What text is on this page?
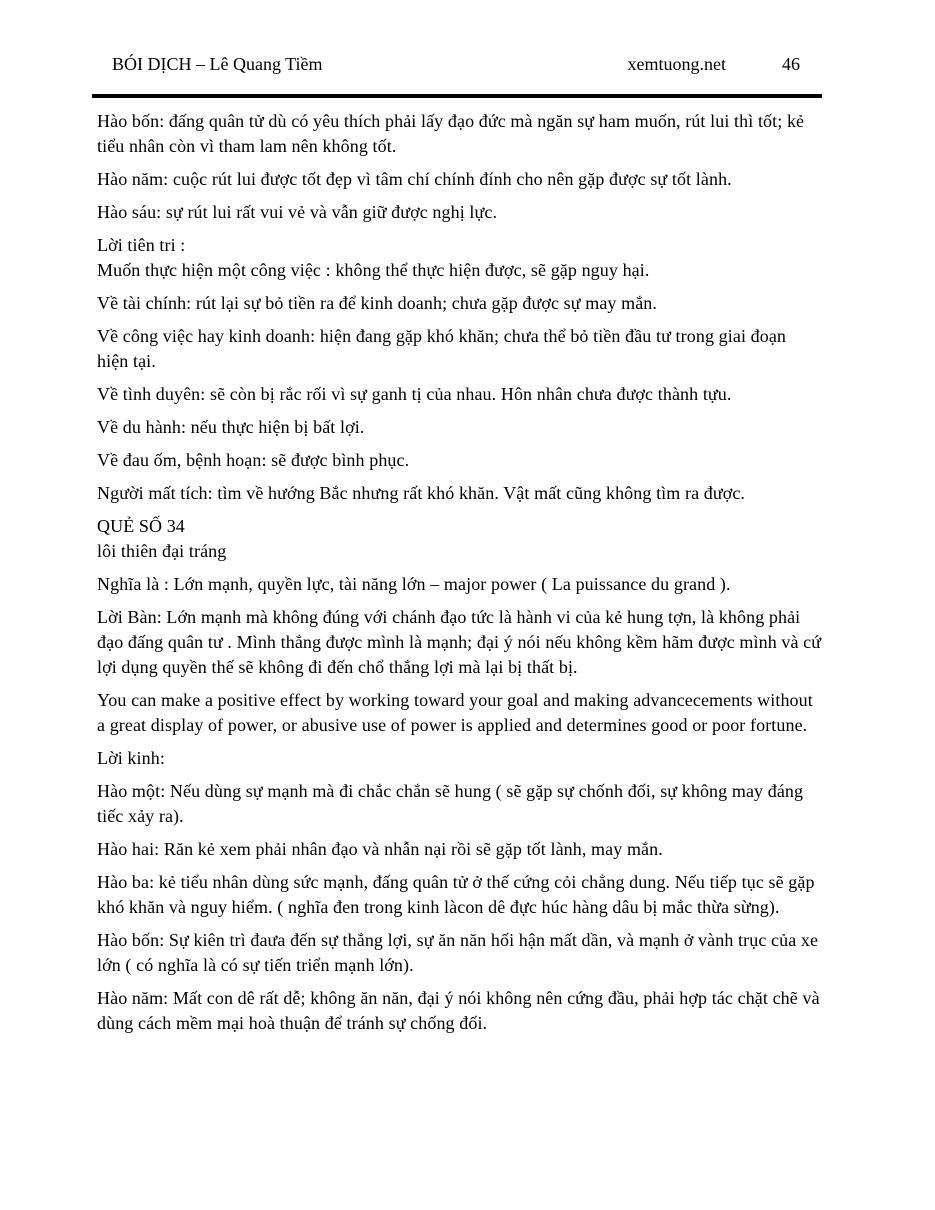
BÓI DỊCH – Lê Quang Tiềm	xemtuong.net	46

Hào bốn: đấng quân tử dù có yêu thích phải lấy đạo đức mà ngăn sự ham muốn, rút lui thì tốt; kẻ tiểu nhân còn vì tham lam nên không tốt.

Hào năm: cuộc rút lui được tốt đẹp vì tâm chí chính đính cho nên gặp được sự tốt lành.

Hào sáu: sự rút lui rất vui vẻ và vẫn giữ được nghị lực.

Lời tiên tri :
Muốn thực hiện một công việc : không thể thực hiện được, sẽ gặp nguy hại.

Về tài chính: rút lại sự bỏ tiền ra để kinh doanh; chưa gặp được sự may mắn.

Về công việc hay kinh doanh: hiện đang gặp khó khăn; chưa thể bỏ tiền đầu tư trong giai đoạn hiện tại.

Về tình duyên: sẽ còn bị rắc rối vì sự ganh tị của nhau. Hôn nhân chưa được thành tựu.

Về du hành: nếu thực hiện bị bất lợi.

Về đau ốm, bệnh hoạn: sẽ được bình phục.

Người mất tích: tìm về hướng Bắc nhưng rất khó khăn. Vật mất cũng không tìm ra được.

QUẺ SỐ 34
lôi thiên đại tráng

Nghĩa là : Lớn mạnh, quyền lực, tài năng lớn – major power ( La puissance du grand ).

Lời Bàn: Lớn mạnh mà không đúng với chánh đạo tức là hành vi của kẻ hung tợn, là không phải đạo đấng quân tư . Mình thắng được mình là mạnh; đại ý nói nếu không kềm hãm được mình và cứ lợi dụng quyền thế sẽ không đi đến chổ thắng lợi mà lại bị thất bị.

You can make a positive effect by working toward your goal and making advancecements without a great display of power, or abusive use of power is applied and determines good or poor fortune.

Lời kinh:

Hào một: Nếu dùng sự mạnh mà đi chắc chắn sẽ hung ( sẽ gặp sự chốnh đối, sự không may đáng tiếc xảy ra).

Hào hai: Răn kẻ xem phải nhân đạo và nhẫn nại rồi sẽ gặp tốt lành, may mắn.

Hào ba: kẻ tiểu nhân dùng sức mạnh, đấng quân tử ở thế cứng cỏi chẳng dung. Nếu tiếp tục sẽ gặp khó khăn và nguy hiểm. ( nghĩa đen trong kinh làcon dê đực húc hàng dâu bị mắc thừa sừng).

Hào bốn: Sự kiên trì đaưa đến sự thắng lợi, sự ăn năn hối hận mất dần, và mạnh ở vành trục của xe lớn ( có nghĩa là có sự tiến triển mạnh lớn).

Hào năm: Mất con dê rất dễ; không ăn năn, đại ý nói không nên cứng đầu, phải hợp tác chặt chẽ và dùng cách mềm mại hoà thuận để tránh sự chống đối.
